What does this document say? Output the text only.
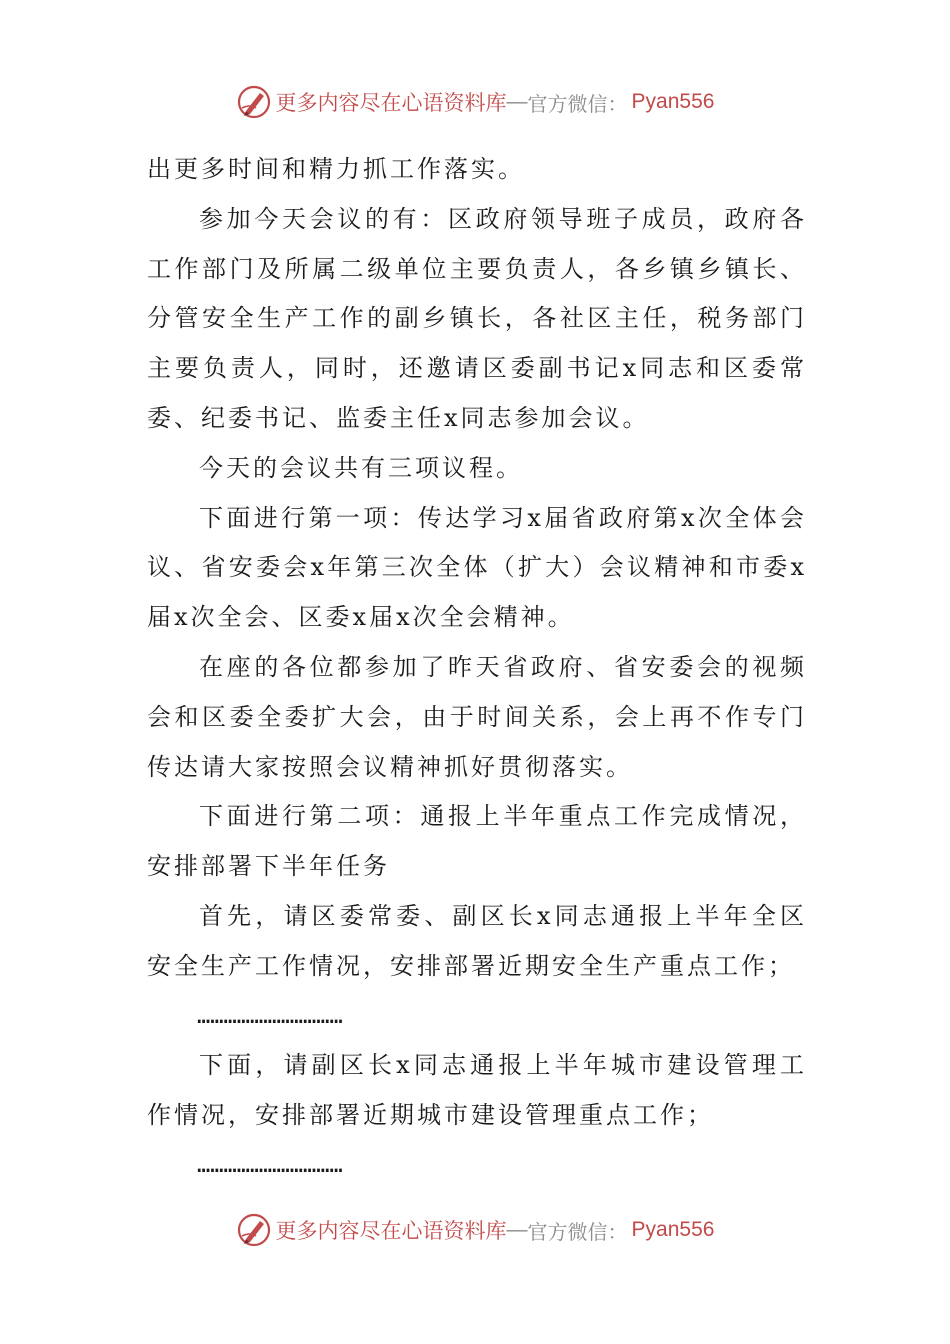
更多内容尽在心语资料库 — 官方微信： Pyan556

出更多时间和精力抓工作落实。

参加今天会议的有：区政府领导班子成员，政府各工作部门及所属二级单位主要负责人，各乡镇乡镇长、分管安全生产工作的副乡镇长，各社区主任，税务部门主要负责人，同时，还邀请区委副书记x同志和区委常委、纪委书记、监委主任x同志参加会议。

今天的会议共有三项议程。

下面进行第一项：传达学习x届省政府第x次全体会议、省安委会x年第三次全体（扩大）会议精神和市委x届x次全会、区委x届x次全会精神。

在座的各位都参加了昨天省政府、省安委会的视频会和区委全委扩大会，由于时间关系，会上再不作专门传达请大家按照会议精神抓好贯彻落实。

下面进行第二项：通报上半年重点工作完成情况，安排部署下半年任务

首先，请区委常委、副区长x同志通报上半年全区安全生产工作情况，安排部署近期安全生产重点工作；

……………………………

下面，请副区长x同志通报上半年城市建设管理工作情况，安排部署近期城市建设管理重点工作；

……………………………

更多内容尽在心语资料库 — 官方微信： Pyan556
